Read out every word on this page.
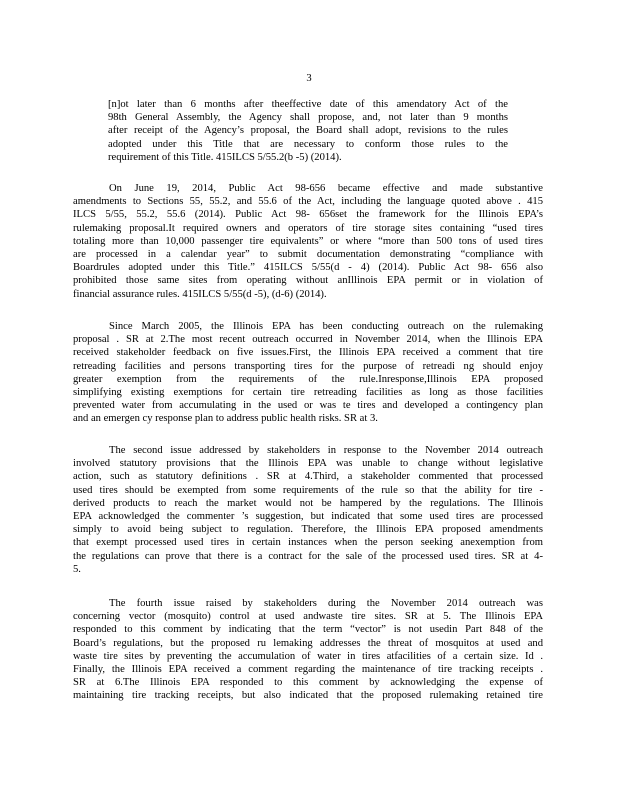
3

[n]ot later than 6 months after theeffective date of this amendatory Act of the

98th General Assembly, the Agency shall propose, and, not later than 9 months

after receipt of the Agency’s proposal, the Board shall adopt, revisions to the rules

adopted under this Title that are necessary to conform those rules to the

requirement of this Title. 415ILCS 5/55.2(b -5) (2014).

On June 19, 2014, Public Act 98-656 became effective and made substantive

amendments to Sections 55, 55.2, and 55.6 of the Act, including the language quoted above . 415

ILCS 5/55, 55.2, 55.6 (2014). Public Act 98- 656set the framework for the Illinois EPA’s

rulemaking proposal.It required owners and operators of tire storage sites containing “used tires

totaling more than 10,000 passenger tire equivalents” or where “more than 500 tons of used tires

are processed in a calendar year” to submit documentation demonstrating “compliance with

Boardrules adopted under this Title.” 415ILCS 5/55(d - 4) (2014). Public Act 98- 656 also

prohibited those same sites from operating without anIllinois EPA permit or in violation of

financial assurance rules. 415ILCS 5/55(d -5), (d-6) (2014).

Since March 2005, the Illinois EPA has been conducting outreach on the rulemaking

proposal . SR at 2.The most recent outreach occurred in November 2014, when the Illinois EPA

received stakeholder feedback on five issues.First, the Illinois EPA received a comment that tire

retreading facilities and persons transporting tires for the purpose of retreadi ng should enjoy

greater exemption from the requirements of the rule.Inresponse,Illinois EPA proposed

simplifying existing exemptions for certain tire retreading facilities as long as those facilities

prevented water from accumulating in the used or was te tires and developed a contingency plan

and an emergen cy response plan to address public health risks. SR at 3.

The second issue addressed by stakeholders in response to the November 2014 outreach

involved statutory provisions that the Illinois EPA was unable to change without legislative

action, such as statutory definitions . SR at 4.Third, a stakeholder commented that processed

used tires should be exempted from some requirements of the rule so that the ability for tire -

derived products to reach the market would not be hampered by the regulations. The Illinois

EPA acknowledged the commenter ’s suggestion, but indicated that some used tires are processed

simply to avoid being subject to regulation. Therefore, the Illinois EPA proposed amendments

that exempt processed used tires in certain instances when the person seeking anexemption from

the regulations can prove that there is a contract for the sale of the processed used tires. SR at 4-

5.

The fourth issue raised by stakeholders during the November 2014 outreach was

concerning vector (mosquito) control at used andwaste tire sites. SR at 5. The Illinois EPA

responded to this comment by indicating that the term “vector” is not usedin Part 848 of the

Board’s regulations, but the proposed ru lemaking addresses the threat of mosquitos at used and

waste tire sites by preventing the accumulation of water in tires atfacilities of a certain size. Id .

Finally, the Illinois EPA received a comment regarding the maintenance of tire tracking receipts .

SR at 6.The Illinois EPA responded to this comment by acknowledging the expense of

maintaining tire tracking receipts, but also indicated that the proposed rulemaking retained tire
